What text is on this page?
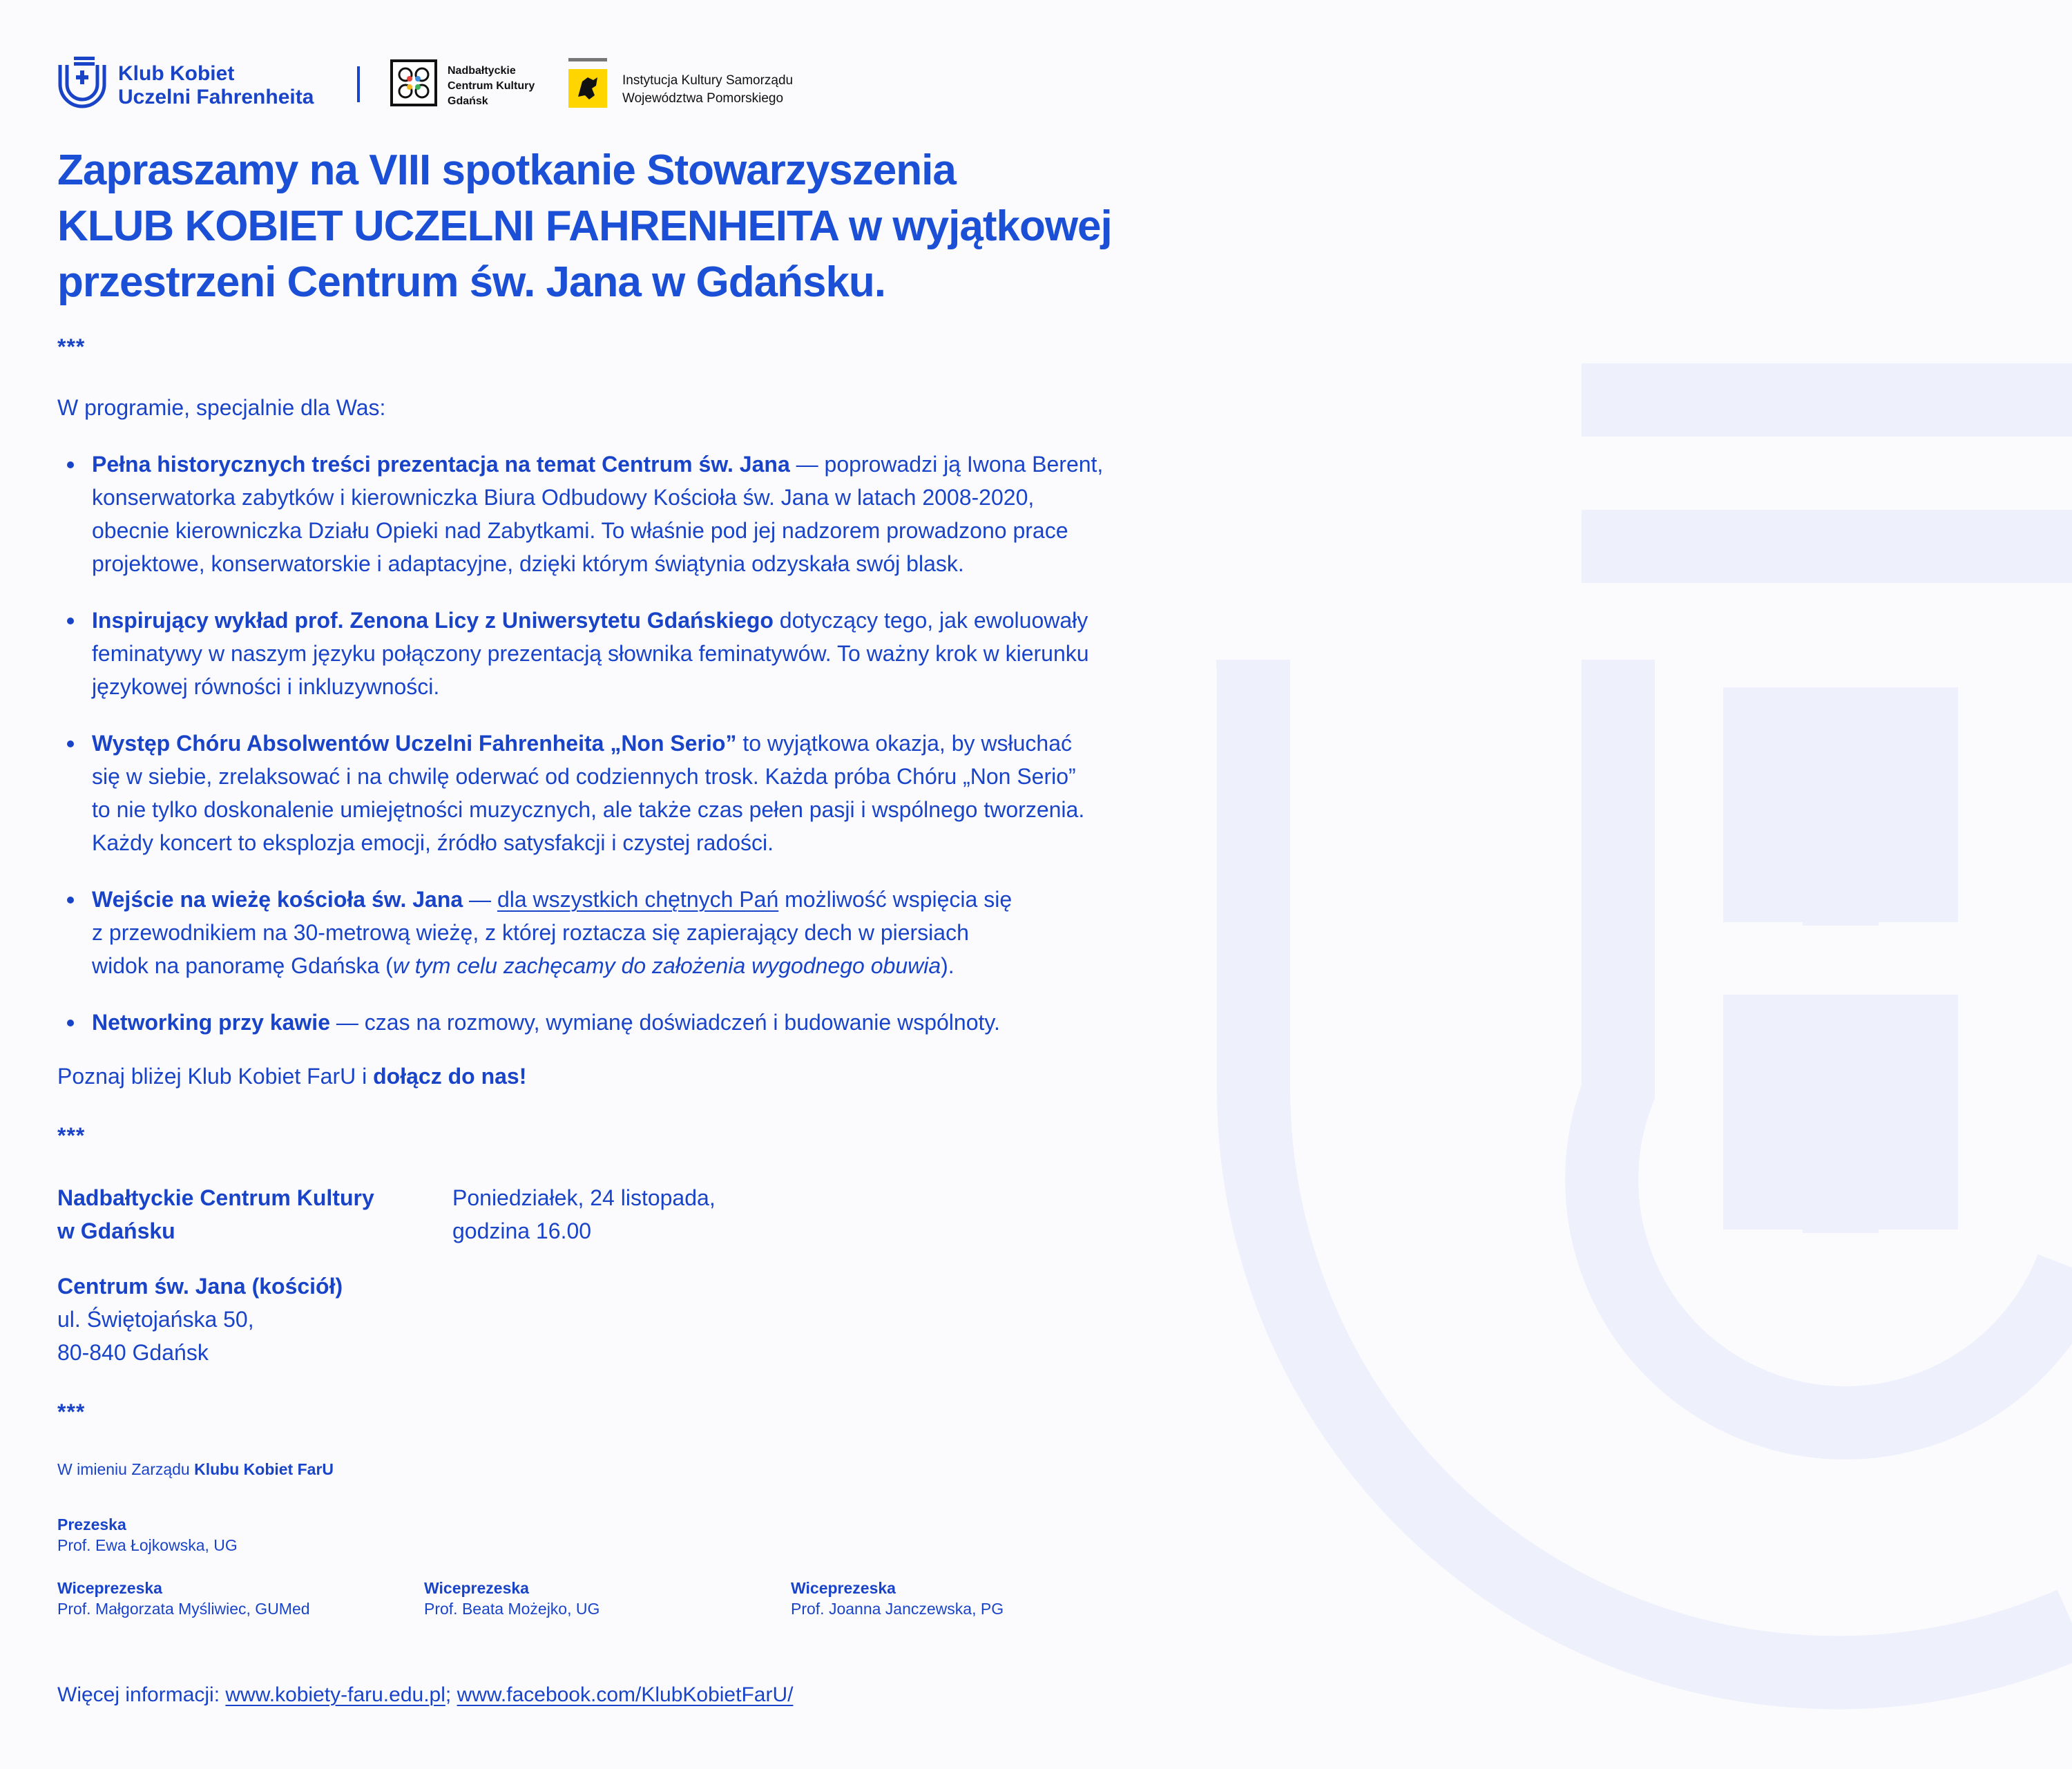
Klub Kobiet
Uczelni Fahrenheita
Nadbałtyckie
Centrum Kultury
Gdańsk
Instytucja Kultury Samorządu
Województwa Pomorskiego
Zapraszamy na VIII spotkanie Stowarzyszenia
KLUB KOBIET UCZELNI FAHRENHEITA w wyjątkowej
przestrzeni Centrum św. Jana w Gdańsku.
***
W programie, specjalnie dla Was:
Pełna historycznych treści prezentacja na temat Centrum św. Jana — poprowadzi ją Iwona Berent,
konserwatorka zabytków i kierowniczka Biura Odbudowy Kościoła św. Jana w latach 2008-2020,
obecnie kierowniczka Działu Opieki nad Zabytkami. To właśnie pod jej nadzorem prowadzono prace
projektowe, konserwatorskie i adaptacyjne, dzięki którym świątynia odzyskała swój blask.
Inspirujący wykład prof. Zenona Licy z Uniwersytetu Gdańskiego dotyczący tego, jak ewoluowały
feminatywy w naszym języku połączony prezentacją słownika feminatywów. To ważny krok w kierunku
językowej równości i inkluzywności.
Występ Chóru Absolwentów Uczelni Fahrenheita „Non Serio” to wyjątkowa okazja, by wsłuchać
się w siebie, zrelaksować i na chwilę oderwać od codziennych trosk. Każda próba Chóru „Non Serio”
to nie tylko doskonalenie umiejętności muzycznych, ale także czas pełen pasji i wspólnego tworzenia.
Każdy koncert to eksplozja emocji, źródło satysfakcji i czystej radości.
Wejście na wieżę kościoła św. Jana — dla wszystkich chętnych Pań możliwość wspięcia się
z przewodnikiem na 30-metrową wieżę, z której roztacza się zapierający dech w piersiach
widok na panoramę Gdańska (w tym celu zachęcamy do założenia wygodnego obuwia).
Networking przy kawie — czas na rozmowy, wymianę doświadczeń i budowanie wspólnoty.
Poznaj bliżej Klub Kobiet FarU i dołącz do nas!
***
Nadbałtyckie Centrum Kultury
w Gdańsku
Poniedziałek, 24 listopada,
godzina 16.00
Centrum św. Jana (kościół)
ul. Świętojańska 50,
80-840 Gdańsk
***
W imieniu Zarządu Klubu Kobiet FarU
Prezeska
Prof. Ewa Łojkowska, UG
Wiceprezeska
Prof. Małgorzata Myśliwiec, GUMed
Wiceprezeska
Prof. Beata Możejko, UG
Wiceprezeska
Prof. Joanna Janczewska, PG
Więcej informacji: www.kobiety-faru.edu.pl; www.facebook.com/KlubKobietFarU/
